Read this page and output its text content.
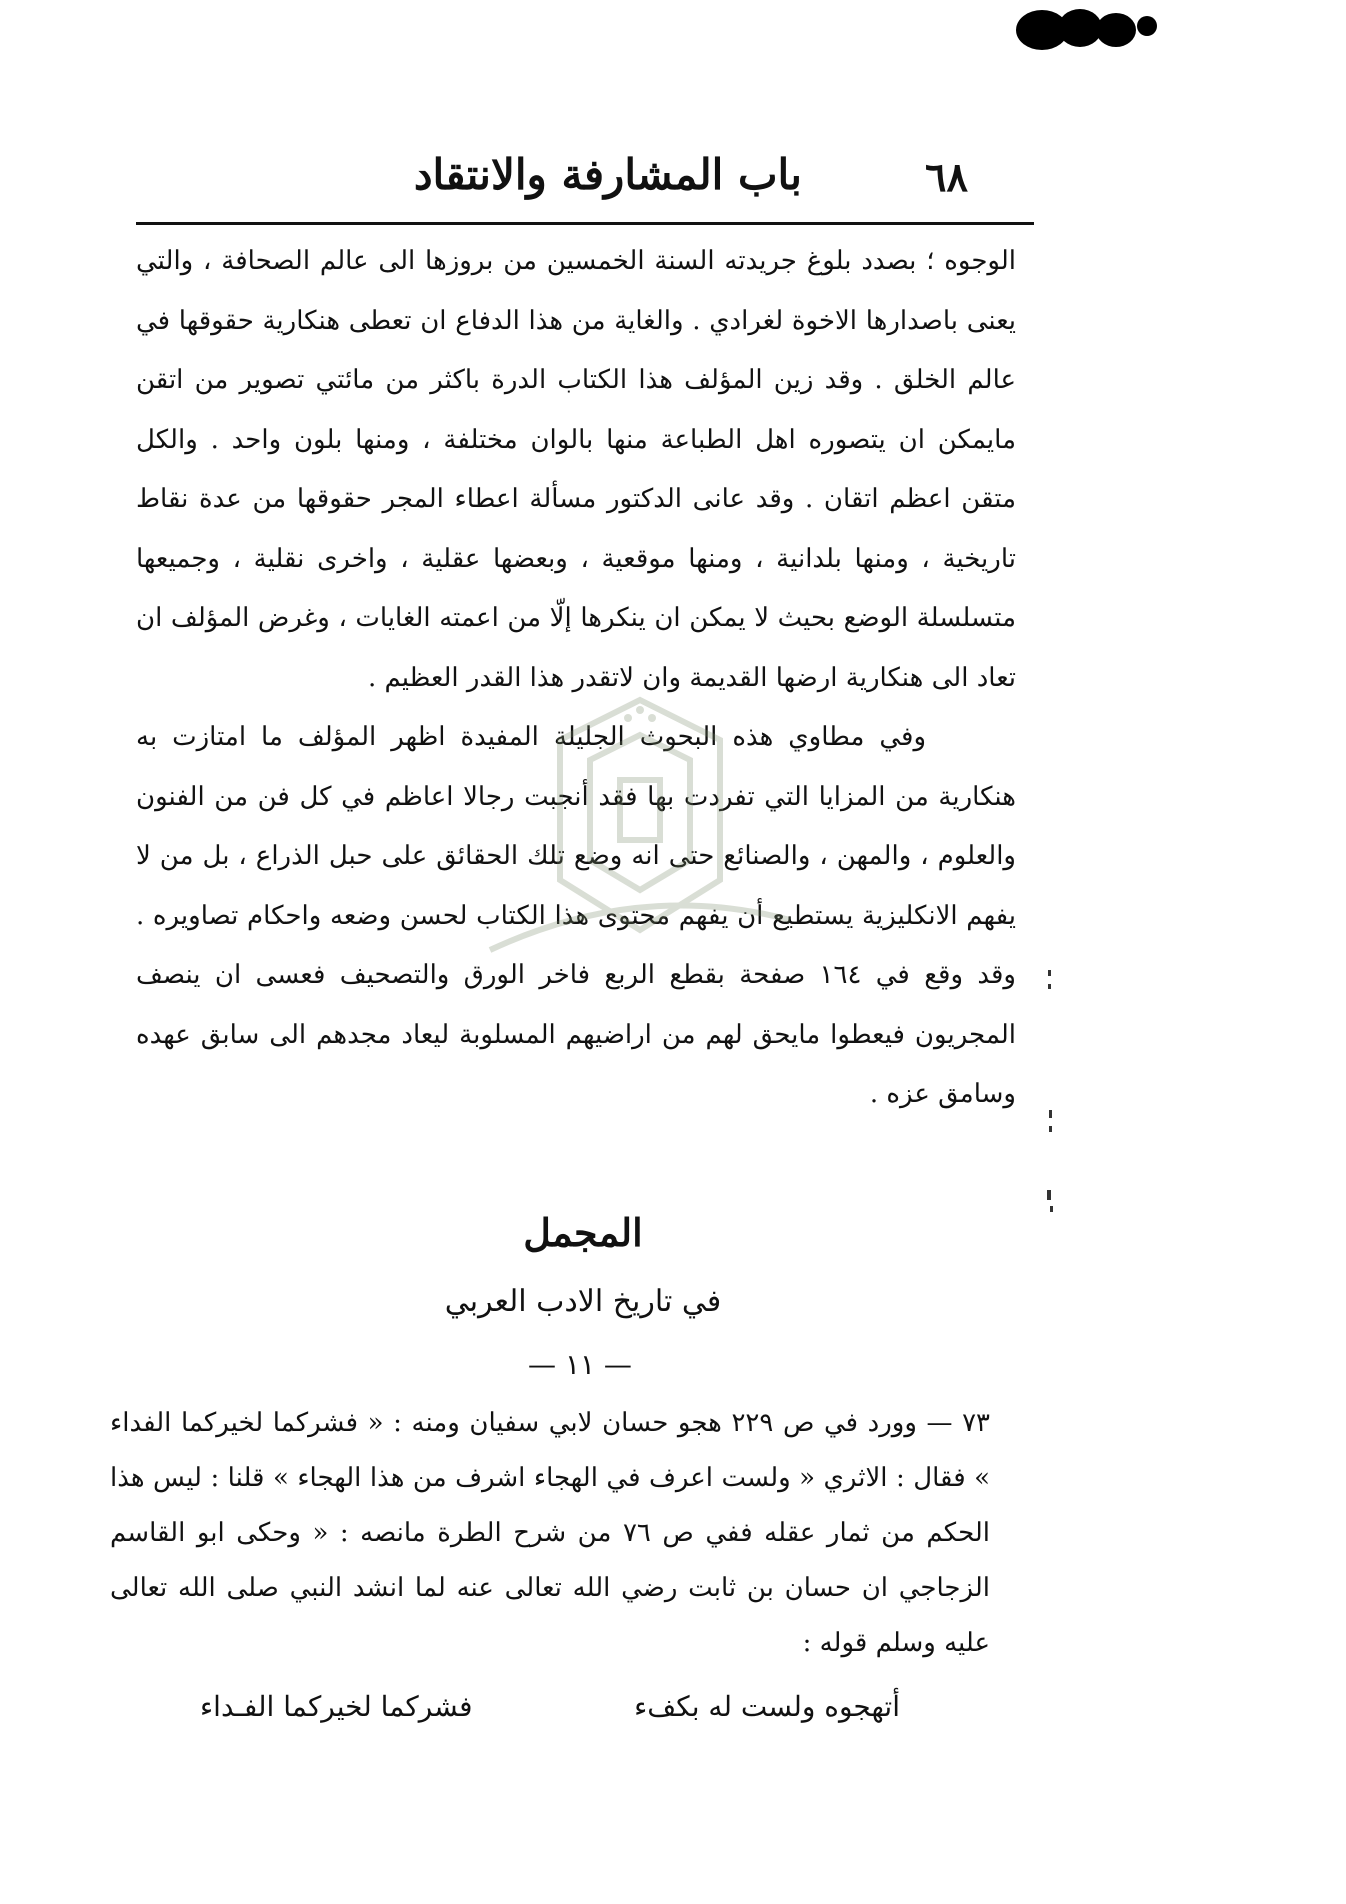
٦٨
باب المشارفة والانتقاد

الوجوه ؛ بصدد بلوغ جريدته السنة الخمسين من بروزها الى عالم الصحافة ، والتي يعنى باصدارها الاخوة لغرادي . والغاية من هذا الدفاع ان تعطى هنكارية حقوقها في عالم الخلق . وقد زين المؤلف هذا الكتاب الدرة باكثر من مائتي تصوير من اتقن مايمكن ان يتصوره اهل الطباعة منها بالوان مختلفة ، ومنها بلون واحد . والكل متقن اعظم اتقان . وقد عانى الدكتور مسألة اعطاء المجر حقوقها من عدة نقاط تاريخية ، ومنها بلدانية ، ومنها موقعية ، وبعضها عقلية ، واخرى نقلية ، وجميعها متسلسلة الوضع بحيث لا يمكن ان ينكرها إلّا من اعمته الغايات ، وغرض المؤلف ان تعاد الى هنكارية ارضها القديمة وان لاتقدر هذا القدر العظيم .

وفي مطاوي هذه البحوث الجليلة المفيدة اظهر المؤلف ما امتازت به هنكارية من المزايا التي تفردت بها فقد أنجبت رجالا اعاظم في كل فن من الفنون والعلوم ، والمهن ، والصنائع حتى انه وضع تلك الحقائق على حبل الذراع ، بل من لا يفهم الانكليزية يستطيع أن يفهم محتوى هذا الكتاب لحسن وضعه واحكام تصاويره . وقد وقع في ١٦٤ صفحة بقطع الربع فاخر الورق والتصحيف فعسى ان ينصف المجريون فيعطوا مايحق لهم من اراضيهم المسلوبة ليعاد مجدهم الى سابق عهده وسامق عزه .

المجمل
في تاريخ الادب العربي
— ١١ —

٧٣ — وورد في ص ٢٢٩ هجو حسان لابي سفيان ومنه : « فشركما لخيركما الفداء » فقال : الاثري « ولست اعرف في الهجاء اشرف من هذا الهجاء » قلنا : ليس هذا الحكم من ثمار عقله ففي ص ٧٦ من شرح الطرة مانصه : « وحكى ابو القاسم الزجاجي ان حسان بن ثابت رضي الله تعالى عنه لما انشد النبي صلى الله تعالى عليه وسلم قوله :

أتهجوه ولست له بكفء
فشركما لخيركما الفـداء
